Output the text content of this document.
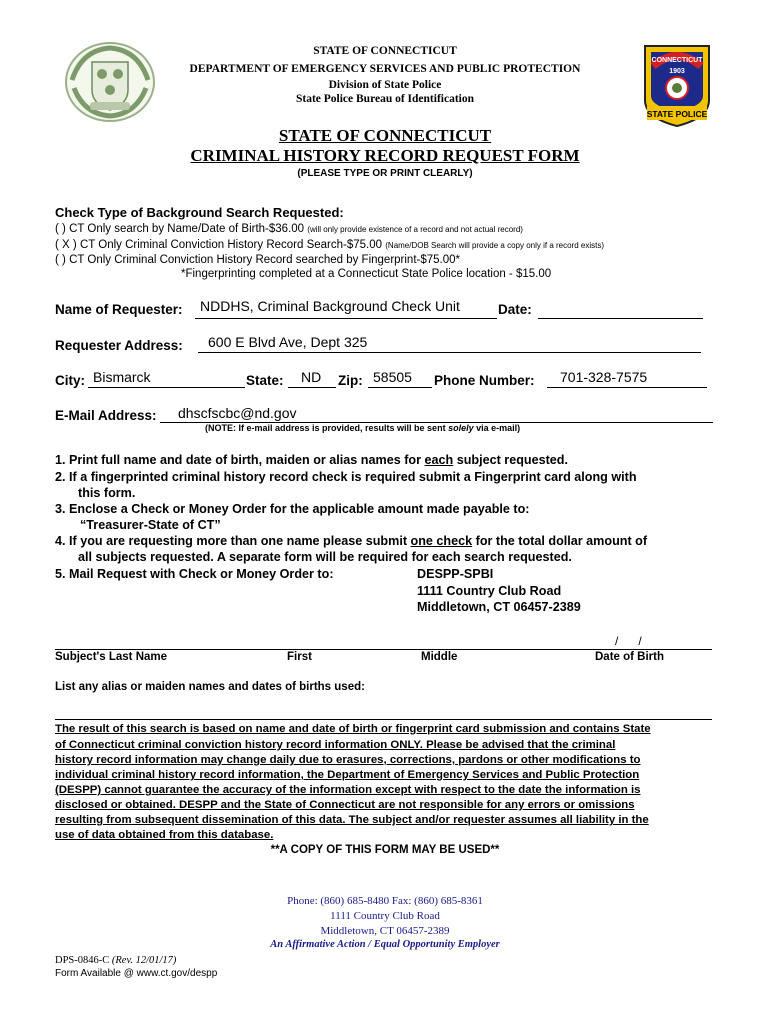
CONNECTICUT
1903
STATE POLICE
STATE OF CONNECTICUT
DEPARTMENT OF EMERGENCY SERVICES AND PUBLIC PROTECTION
Division of State Police
State Police Bureau of Identification
STATE OF CONNECTICUT
CRIMINAL HISTORY RECORD REQUEST FORM
(PLEASE TYPE OR PRINT CLEARLY)
Check Type of Background Search Requested:
( ) CT Only search by Name/Date of Birth-$36.00 (will only provide existence of a record and not actual record)
( X ) CT Only Criminal Conviction History Record Search-$75.00 (Name/DOB Search will provide a copy only if a record exists)
( ) CT Only Criminal Conviction History Record searched by Fingerprint-$75.00*
*Fingerprinting completed at a Connecticut State Police location - $15.00
Name of Requester: NDDHS, Criminal Background Check Unit	Date:
Requester Address: 600 E Blvd Ave, Dept 325
City: Bismarck	State: ND Zip: 58505 Phone Number: 701-328-7575
E-Mail Address: dhscfscbc@nd.gov
(NOTE: If e-mail address is provided, results will be sent solely via e-mail)
1. Print full name and date of birth, maiden or alias names for each subject requested.
2. If a fingerprinted criminal history record check is required submit a Fingerprint card along with
this form.
3. Enclose a Check or Money Order for the applicable amount made payable to:
“Treasurer-State of CT”
4. If you are requesting more than one name please submit one check for the total dollar amount of
all subjects requested. A separate form will be required for each search requested.
5. Mail Request with Check or Money Order to:	DESPP-SPBI
1111 Country Club Road
Middletown, CT 06457-2389
/      /
Subject's Last Name	First	Middle	Date of Birth
List any alias or maiden names and dates of births used:
The result of this search is based on name and date of birth or fingerprint card submission and contains State
of Connecticut criminal conviction history record information ONLY. Please be advised that the criminal
history record information may change daily due to erasures, corrections, pardons or other modifications to
individual criminal history record information, the Department of Emergency Services and Public Protection
(DESPP) cannot guarantee the accuracy of the information except with respect to the date the information is
disclosed or obtained. DESPP and the State of Connecticut are not responsible for any errors or omissions
resulting from subsequent dissemination of this data. The subject and/or requester assumes all liability in the
use of data obtained from this database.
**A COPY OF THIS FORM MAY BE USED**
Phone: (860) 685-8480 Fax: (860) 685-8361
1111 Country Club Road
Middletown, CT 06457-2389
An Affirmative Action / Equal Opportunity Employer
DPS-0846-C (Rev. 12/01/17)
Form Available @ www.ct.gov/despp
